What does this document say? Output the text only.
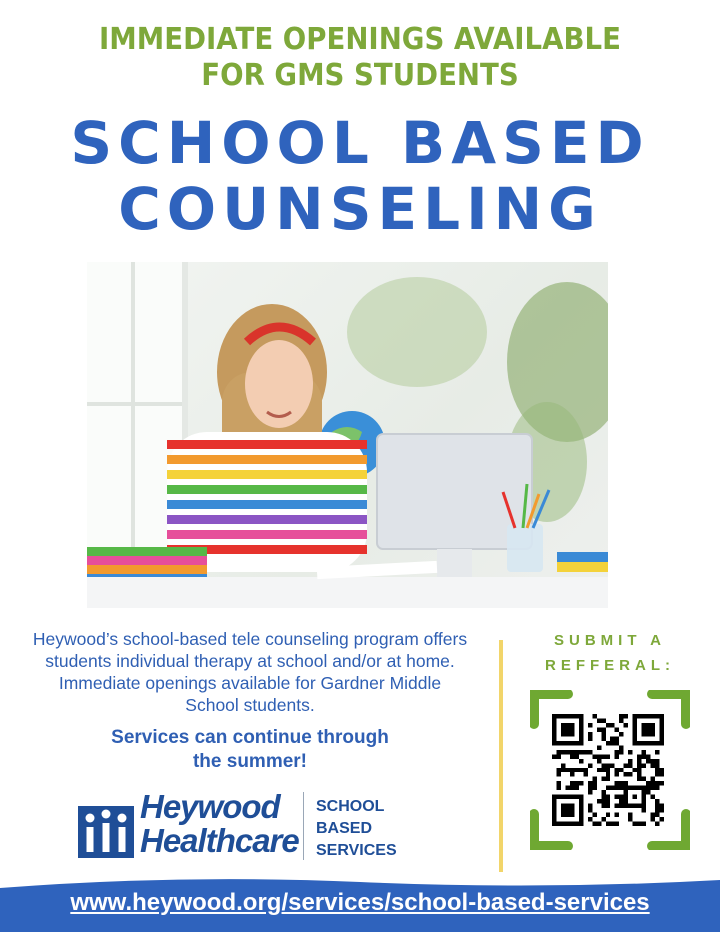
IMMEDIATE OPENINGS AVAILABLE
FOR GMS STUDENTS
SCHOOL BASED
COUNSELING
Heywood’s school-based tele counseling program offers students individual therapy at school and/or at home. Immediate openings available for Gardner Middle School students.
Services can continue through
the summer!
SUBMIT A
REFFERAL:
Heywood
Healthcare
SCHOOL
BASED
SERVICES
www.heywood.org/services/school-based-services
